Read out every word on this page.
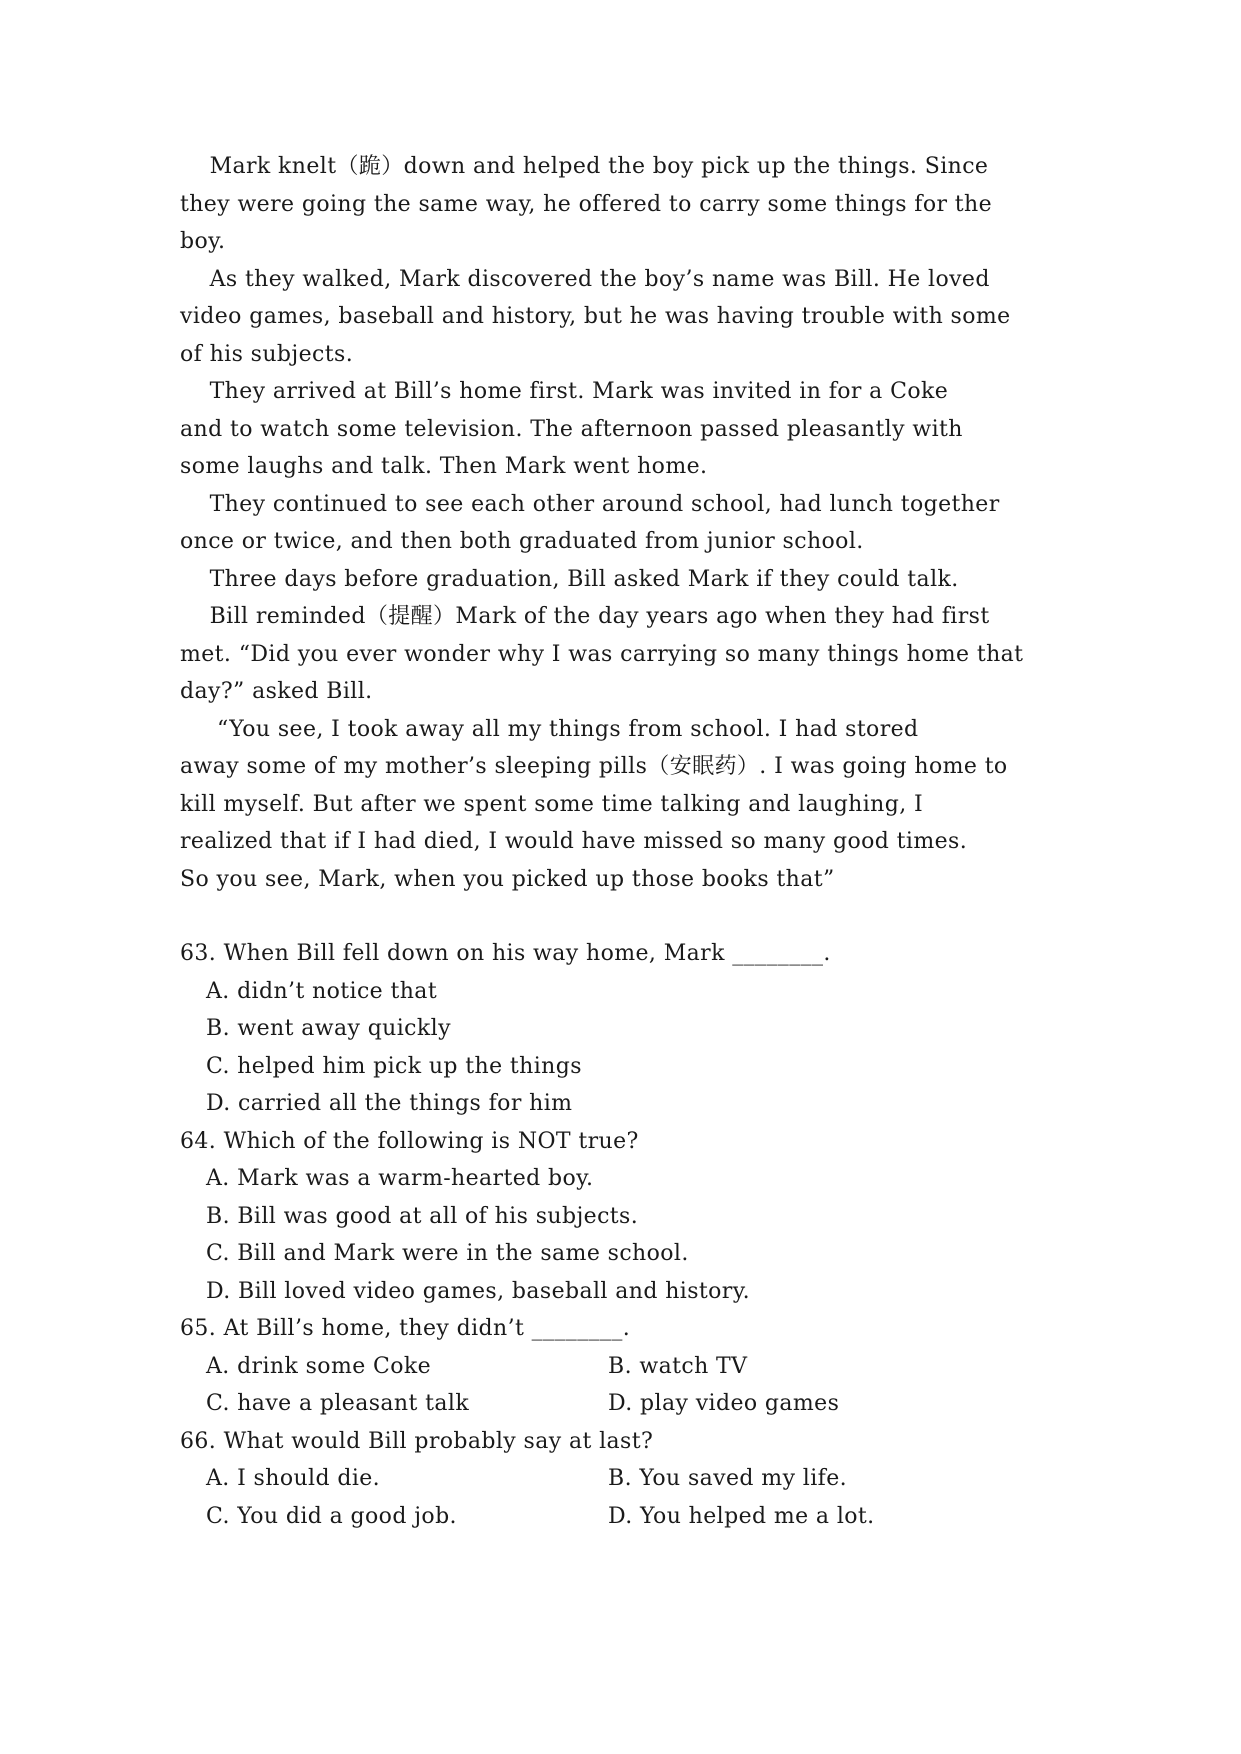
Mark knelt（跪）down and helped the boy pick up the things. Since
they were going the same way, he offered to carry some things for the
boy.
As they walked, Mark discovered the boy’s name was Bill. He loved
video games, baseball and history, but he was having trouble with some
of his subjects.
They arrived at Bill’s home first. Mark was invited in for a Coke
and to watch some television. The afternoon passed pleasantly with
some laughs and talk. Then Mark went home.
They continued to see each other around school, had lunch together
once or twice, and then both graduated from junior school.
Three days before graduation, Bill asked Mark if they could talk.
Bill reminded（提醒）Mark of the day years ago when they had first
met. “Did you ever wonder why I was carrying so many things home that
day?” asked Bill.
“You see, I took away all my things from school. I had stored
away some of my mother’s sleeping pills（安眠药）. I was going home to
kill myself. But after we spent some time talking and laughing, I
realized that if I had died, I would have missed so many good times.
So you see, Mark, when you picked up those books that”
63. When Bill fell down on his way home, Mark ________.
A. didn’t notice that
B. went away quickly
C. helped him pick up the things
D. carried all the things for him
64. Which of the following is NOT true?
A. Mark was a warm-hearted boy.
B. Bill was good at all of his subjects.
C. Bill and Mark were in the same school.
D. Bill loved video games, baseball and history.
65. At Bill’s home, they didn’t ________.
A. drink some Coke	B. watch TV
C. have a pleasant talk	D. play video games
66. What would Bill probably say at last?
A. I should die.	B. You saved my life.
C. You did a good job.	D. You helped me a lot.
